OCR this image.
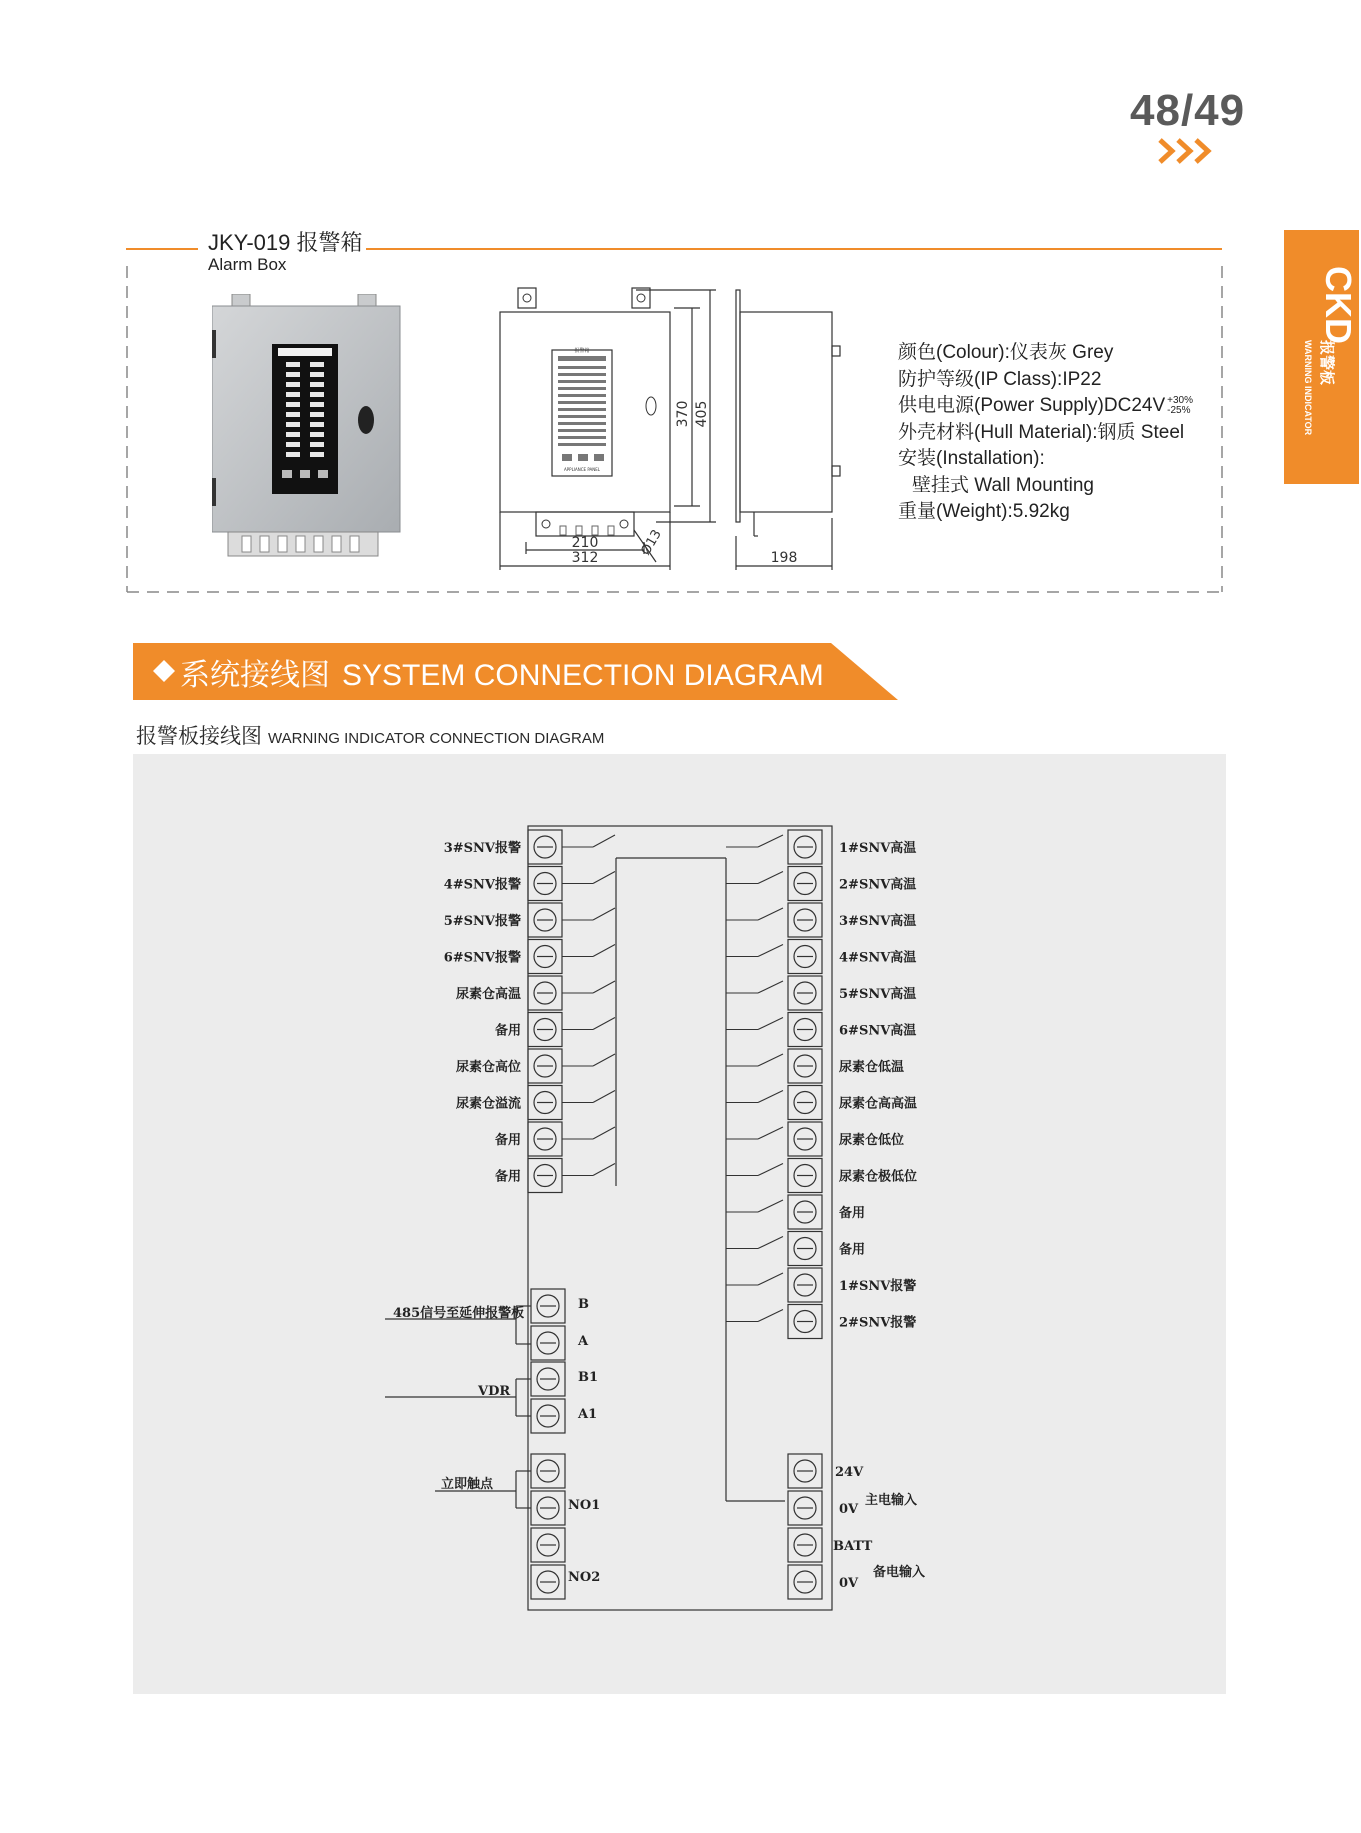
48/49
CKD
报警板
WARNING INDICATOR
JKY-019 报警箱
Alarm Box
报警箱
APPLIANCE PANEL
370 405
210
312	Ø13	198
颜色(Colour):仪表灰 Grey
防护等级(IP Class):IP22
供电电源(Power Supply)DC24V +30%
-25%
外壳材料(Hull Material):钢质 Steel
安装(Installation):
壁挂式 Wall Mounting
重量(Weight):5.92kg
系统接线图 SYSTEM CONNECTION DIAGRAM
报警板接线图 WARNING INDICATOR CONNECTION DIAGRAM
3#SNV报警
4#SNV报警
5#SNV报警
6#SNV报警
尿素仓高温
备用
尿素仓高位
尿素仓溢流
备用
备用
1#SNV高温
2#SNV高温
3#SNV高温
4#SNV高温
5#SNV高温
6#SNV高温
尿素仓低温
尿素仓高高温
尿素仓低位
尿素仓极低位
备用
备用
1#SNV报警
2#SNV报警
B
A
B1
A1
NO1
NO2
24V
0V
BATT
0V
485信号至延伸报警板
VDR
立即触点
主电输入
备电输入
